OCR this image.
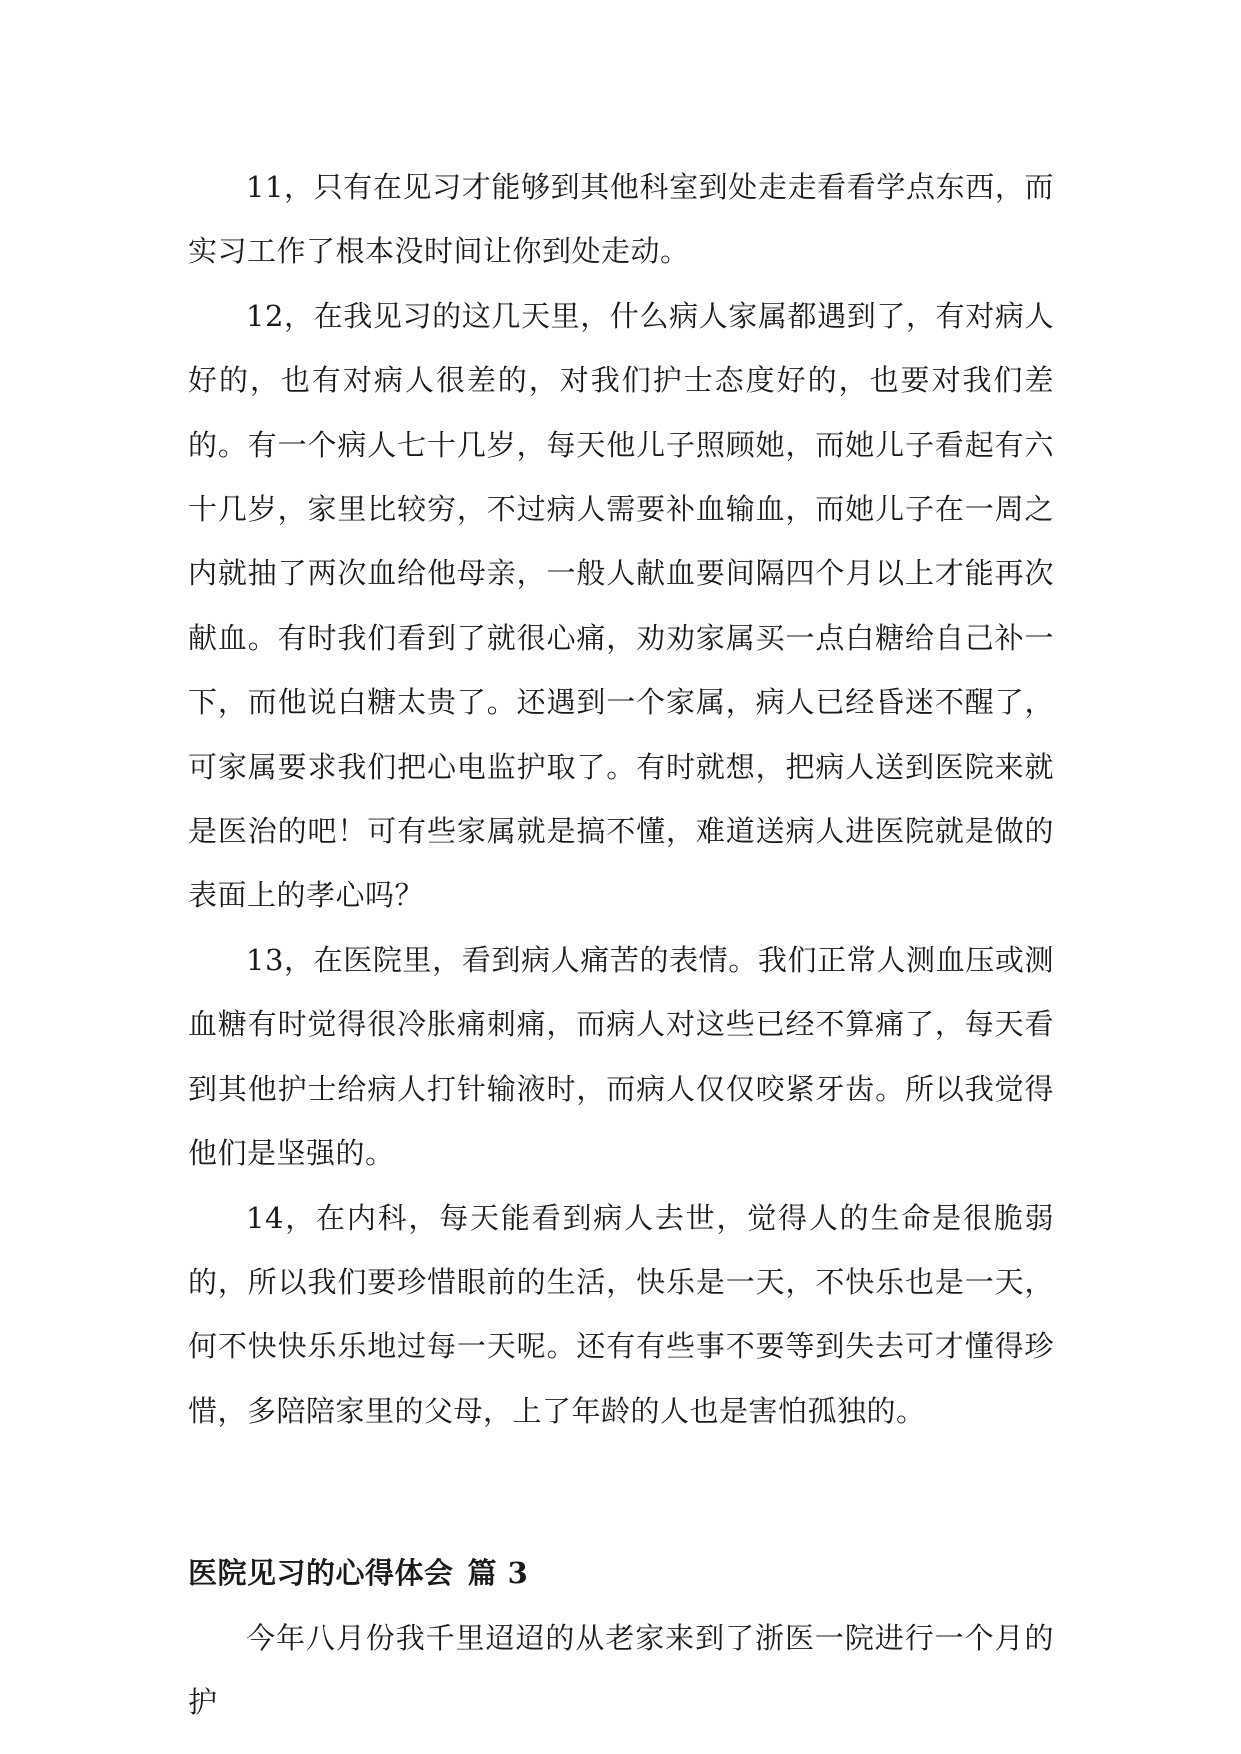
11，只有在见习才能够到其他科室到处走走看看学点东西，而实习工作了根本没时间让你到处走动。

12，在我见习的这几天里，什么病人家属都遇到了，有对病人好的，也有对病人很差的，对我们护士态度好的，也要对我们差的。有一个病人七十几岁，每天他儿子照顾她，而她儿子看起有六十几岁，家里比较穷，不过病人需要补血输血，而她儿子在一周之内就抽了两次血给他母亲，一般人献血要间隔四个月以上才能再次献血。有时我们看到了就很心痛，劝劝家属买一点白糖给自己补一下，而他说白糖太贵了。还遇到一个家属，病人已经昏迷不醒了，可家属要求我们把心电监护取了。有时就想，把病人送到医院来就是医治的吧！可有些家属就是搞不懂，难道送病人进医院就是做的表面上的孝心吗？

13，在医院里，看到病人痛苦的表情。我们正常人测血压或测血糖有时觉得很冷胀痛刺痛，而病人对这些已经不算痛了，每天看到其他护士给病人打针输液时，而病人仅仅咬紧牙齿。所以我觉得他们是坚强的。

14，在内科，每天能看到病人去世，觉得人的生命是很脆弱的，所以我们要珍惜眼前的生活，快乐是一天，不快乐也是一天，何不快快乐乐地过每一天呢。还有有些事不要等到失去可才懂得珍惜，多陪陪家里的父母，上了年龄的人也是害怕孤独的。

医院见习的心得体会 篇 3

今年八月份我千里迢迢的从老家来到了浙医一院进行一个月的护
